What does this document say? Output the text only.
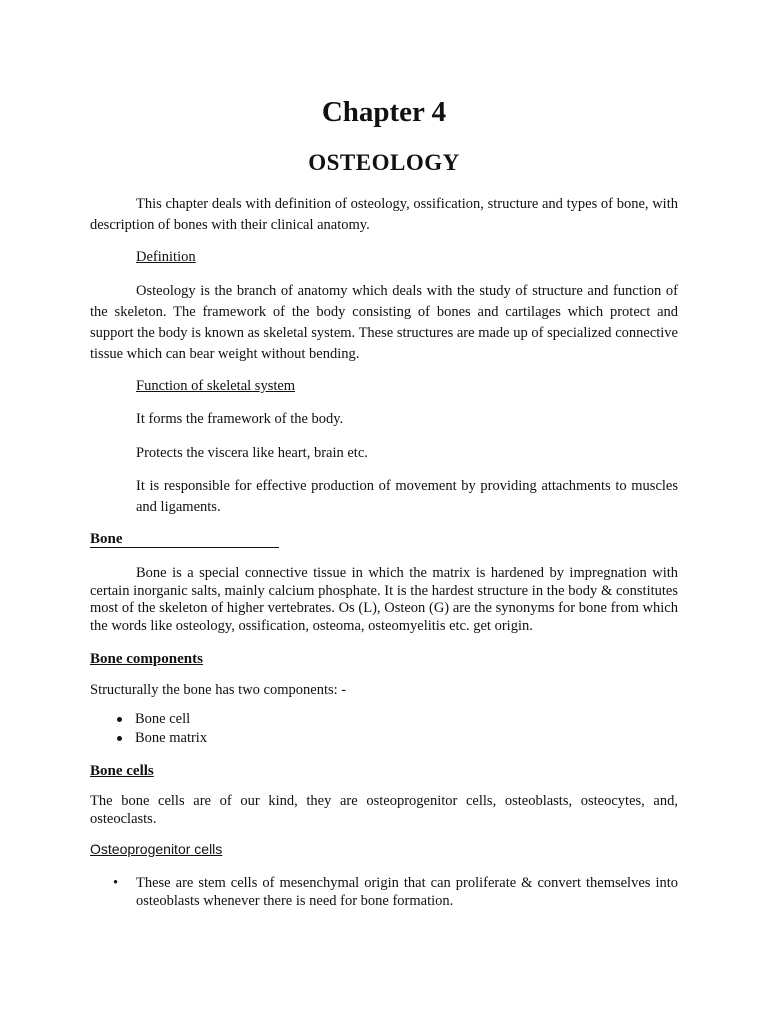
Chapter 4
OSTEOLOGY

This chapter deals with definition of osteology, ossification, structure and types of bone, with description of bones with their clinical anatomy.

Definition

Osteology is the branch of anatomy which deals with the study of structure and function of the skeleton. The framework of the body consisting of bones and cartilages which protect and support the body is known as skeletal system. These structures are made up of specialized connective tissue which can bear weight without bending.

Function of skeletal system

It forms the framework of the body.

Protects the viscera like heart, brain etc.

It is responsible for effective production of movement by providing attachments to muscles and ligaments.

Bone

Bone is a special connective tissue in which the matrix is hardened by impregnation with certain inorganic salts, mainly calcium phosphate. It is the hardest structure in the body & constitutes most of the skeleton of higher vertebrates. Os (L), Osteon (G) are the synonyms for bone from which the words like osteology, ossification, osteoma, osteomyelitis etc. get origin.

Bone components

Structurally the bone has two components: -

Bone cell
Bone matrix

Bone cells

The bone cells are of our kind, they are osteoprogenitor cells, osteoblasts, osteocytes, and, osteoclasts.

Osteoprogenitor cells

• These are stem cells of mesenchymal origin that can proliferate & convert themselves into osteoblasts whenever there is need for bone formation.
